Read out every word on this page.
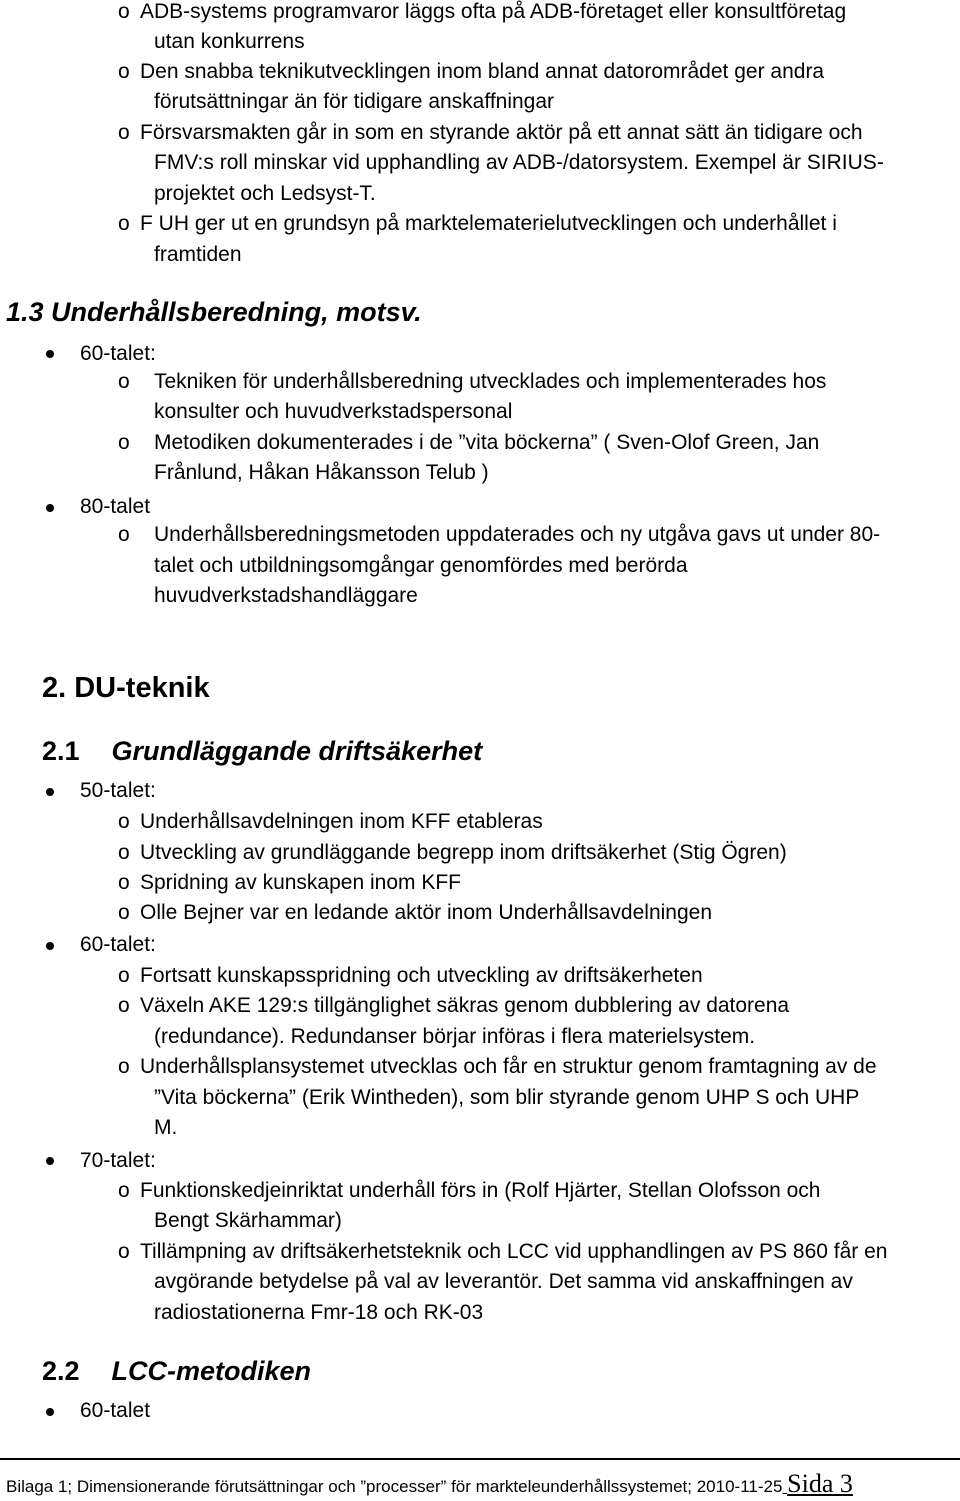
o ADB-systems programvaror läggs ofta på ADB-företaget eller konsultföretag
utan konkurrens
o Den snabba teknikutvecklingen inom bland annat datorområdet ger andra
förutsättningar än för tidigare anskaffningar
o Försvarsmakten går in som en styrande aktör på ett annat sätt än tidigare och
FMV:s roll minskar vid upphandling av ADB-/datorsystem. Exempel är SIRIUS-
projektet och Ledsyst-T.
o F UH ger ut en grundsyn på marktelematerielutvecklingen och underhållet i
framtiden
1.3 Underhållsberedning, motsv.
60-talet:
o Tekniken för underhållsberedning utvecklades och implementerades hos
konsulter och huvudverkstadspersonal
o Metodiken dokumenterades i de ”vita böckerna” ( Sven-Olof Green, Jan
Frånlund, Håkan Håkansson Telub )
80-talet
o Underhållsberedningsmetoden uppdaterades och ny utgåva gavs ut under 80-
talet och utbildningsomgångar genomfördes med berörda
huvudverkstadshandläggare
2. DU-teknik
2.1 Grundläggande driftsäkerhet
50-talet:
o Underhållsavdelningen inom KFF etableras
o Utveckling av grundläggande begrepp inom driftsäkerhet (Stig Ögren)
o Spridning av kunskapen inom KFF
o Olle Bejner var en ledande aktör inom Underhållsavdelningen
60-talet:
o Fortsatt kunskapsspridning och utveckling av driftsäkerheten
o Växeln AKE 129:s tillgänglighet säkras genom dubblering av datorena
(redundance). Redundanser börjar införas i flera materielsystem.
o Underhållsplansystemet utvecklas och får en struktur genom framtagning av de
”Vita böckerna” (Erik Wintheden), som blir styrande genom UHP S och UHP
M.
70-talet:
o Funktionskedjeinriktat underhåll förs in (Rolf Hjärter, Stellan Olofsson och
Bengt Skärhammar)
o Tillämpning av driftsäkerhetsteknik och LCC vid upphandlingen av PS 860 får en
avgörande betydelse på val av leverantör. Det samma vid anskaffningen av
radiostationerna Fmr-18 och RK-03
2.2 LCC-metodiken
60-talet
Bilaga 1; Dimensionerande förutsättningar och ”processer” för markteleunderhållssystemet; 2010-11-25 Sida 3
